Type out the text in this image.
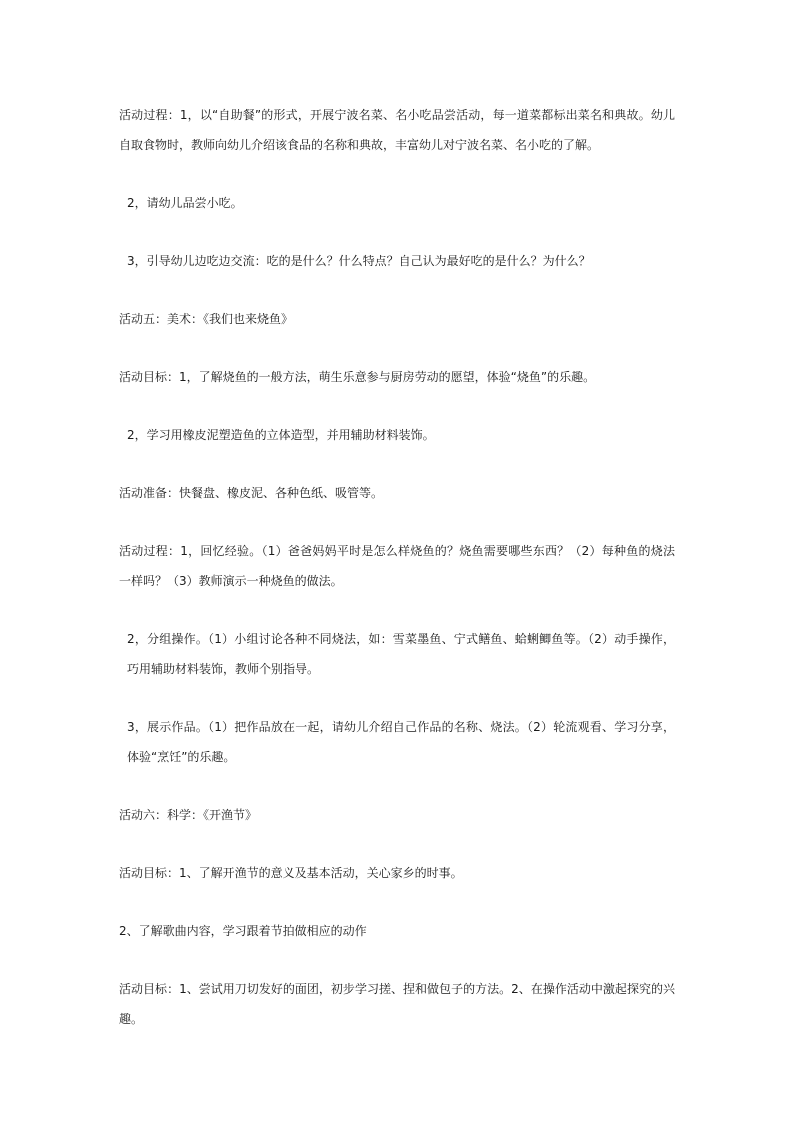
活动过程：1，以“自助餐”的形式，开展宁波名菜、名小吃品尝活动，每一道菜都标出菜名和典故。幼儿自取食物时，教师向幼儿介绍该食品的名称和典故，丰富幼儿对宁波名菜、名小吃的了解。

2，请幼儿品尝小吃。

3，引导幼儿边吃边交流：吃的是什么？什么特点？自己认为最好吃的是什么？为什么？

活动五：美术：《我们也来烧鱼》

活动目标：1，了解烧鱼的一般方法，萌生乐意参与厨房劳动的愿望，体验“烧鱼”的乐趣。

2，学习用橡皮泥塑造鱼的立体造型，并用辅助材料装饰。

活动准备：快餐盘、橡皮泥、各种色纸、吸管等。

活动过程：1，回忆经验。（1）爸爸妈妈平时是怎么样烧鱼的？烧鱼需要哪些东西？（2）每种鱼的烧法一样吗？（3）教师演示一种烧鱼的做法。

2，分组操作。（1）小组讨论各种不同烧法，如：雪菜墨鱼、宁式鳝鱼、蛤蜊鲫鱼等。（2）动手操作，巧用辅助材料装饰，教师个别指导。

3，展示作品。（1）把作品放在一起，请幼儿介绍自己作品的名称、烧法。（2）轮流观看、学习分享，体验“烹饪”的乐趣。

活动六：科学：《开渔节》

活动目标：1、了解开渔节的意义及基本活动，关心家乡的时事。

2、了解歌曲内容，学习跟着节拍做相应的动作

活动目标：1、尝试用刀切发好的面团，初步学习搓、捏和做包子的方法。2、在操作活动中激起探究的兴趣。
